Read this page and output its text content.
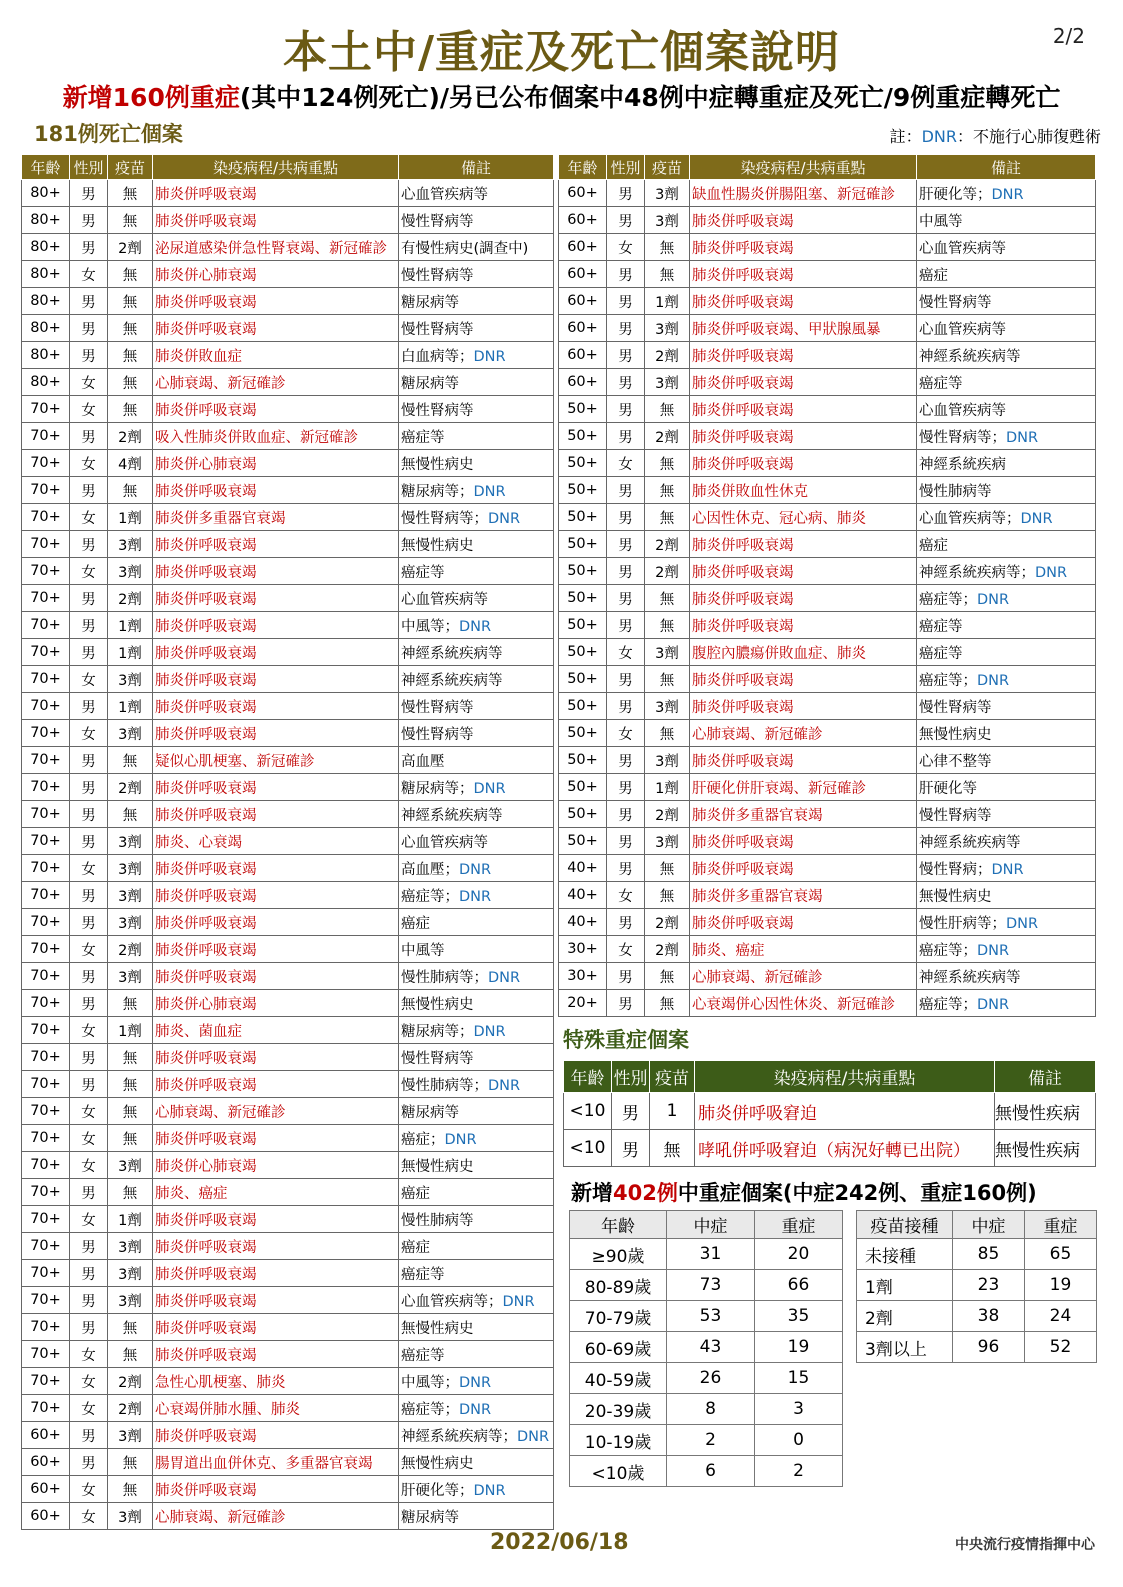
本土中/重症及死亡個案說明	2/2
新增160例重症(其中124例死亡)/另已公布個案中48例中症轉重症及死亡/9例重症轉死亡
181例死亡個案	註：DNR：不施行心肺復甦術
年齡	性別	疫苗	染疫病程/共病重點	備註
80+	男	無	肺炎併呼吸衰竭	心血管疾病等
80+	男	無	肺炎併呼吸衰竭	慢性腎病等
80+	男	2劑	泌尿道感染併急性腎衰竭、新冠確診	有慢性病史(調查中)
80+	女	無	肺炎併心肺衰竭	慢性腎病等
80+	男	無	肺炎併呼吸衰竭	糖尿病等
80+	男	無	肺炎併呼吸衰竭	慢性腎病等
80+	男	無	肺炎併敗血症	白血病等；DNR
80+	女	無	心肺衰竭、新冠確診	糖尿病等
70+	女	無	肺炎併呼吸衰竭	慢性腎病等
70+	男	2劑	吸入性肺炎併敗血症、新冠確診	癌症等
70+	女	4劑	肺炎併心肺衰竭	無慢性病史
70+	男	無	肺炎併呼吸衰竭	糖尿病等；DNR
70+	女	1劑	肺炎併多重器官衰竭	慢性腎病等；DNR
70+	男	3劑	肺炎併呼吸衰竭	無慢性病史
70+	女	3劑	肺炎併呼吸衰竭	癌症等
70+	男	2劑	肺炎併呼吸衰竭	心血管疾病等
70+	男	1劑	肺炎併呼吸衰竭	中風等；DNR
70+	男	1劑	肺炎併呼吸衰竭	神經系統疾病等
70+	女	3劑	肺炎併呼吸衰竭	神經系統疾病等
70+	男	1劑	肺炎併呼吸衰竭	慢性腎病等
70+	女	3劑	肺炎併呼吸衰竭	慢性腎病等
70+	男	無	疑似心肌梗塞、新冠確診	高血壓
70+	男	2劑	肺炎併呼吸衰竭	糖尿病等；DNR
70+	男	無	肺炎併呼吸衰竭	神經系統疾病等
70+	男	3劑	肺炎、心衰竭	心血管疾病等
70+	女	3劑	肺炎併呼吸衰竭	高血壓；DNR
70+	男	3劑	肺炎併呼吸衰竭	癌症等；DNR
70+	男	3劑	肺炎併呼吸衰竭	癌症
70+	女	2劑	肺炎併呼吸衰竭	中風等
70+	男	3劑	肺炎併呼吸衰竭	慢性肺病等；DNR
70+	男	無	肺炎併心肺衰竭	無慢性病史
70+	女	1劑	肺炎、菌血症	糖尿病等；DNR
70+	男	無	肺炎併呼吸衰竭	慢性腎病等
70+	男	無	肺炎併呼吸衰竭	慢性肺病等；DNR
70+	女	無	心肺衰竭、新冠確診	糖尿病等
70+	女	無	肺炎併呼吸衰竭	癌症；DNR
70+	女	3劑	肺炎併心肺衰竭	無慢性病史
70+	男	無	肺炎、癌症	癌症
70+	女	1劑	肺炎併呼吸衰竭	慢性肺病等
70+	男	3劑	肺炎併呼吸衰竭	癌症
70+	男	3劑	肺炎併呼吸衰竭	癌症等
70+	男	3劑	肺炎併呼吸衰竭	心血管疾病等；DNR
70+	男	無	肺炎併呼吸衰竭	無慢性病史
70+	女	無	肺炎併呼吸衰竭	癌症等
70+	女	2劑	急性心肌梗塞、肺炎	中風等；DNR
70+	女	2劑	心衰竭併肺水腫、肺炎	癌症等；DNR
60+	男	3劑	肺炎併呼吸衰竭	神經系統疾病等；DNR
60+	男	無	腸胃道出血併休克、多重器官衰竭	無慢性病史
60+	女	無	肺炎併呼吸衰竭	肝硬化等；DNR
60+	女	3劑	心肺衰竭、新冠確診	糖尿病等
年齡	性別	疫苗	染疫病程/共病重點	備註
60+	男	3劑	缺血性腸炎併腸阻塞、新冠確診	肝硬化等；DNR
60+	男	3劑	肺炎併呼吸衰竭	中風等
60+	女	無	肺炎併呼吸衰竭	心血管疾病等
60+	男	無	肺炎併呼吸衰竭	癌症
60+	男	1劑	肺炎併呼吸衰竭	慢性腎病等
60+	男	3劑	肺炎併呼吸衰竭、甲狀腺風暴	心血管疾病等
60+	男	2劑	肺炎併呼吸衰竭	神經系統疾病等
60+	男	3劑	肺炎併呼吸衰竭	癌症等
50+	男	無	肺炎併呼吸衰竭	心血管疾病等
50+	男	2劑	肺炎併呼吸衰竭	慢性腎病等；DNR
50+	女	無	肺炎併呼吸衰竭	神經系統疾病
50+	男	無	肺炎併敗血性休克	慢性肺病等
50+	男	無	心因性休克、冠心病、肺炎	心血管疾病等；DNR
50+	男	2劑	肺炎併呼吸衰竭	癌症
50+	男	2劑	肺炎併呼吸衰竭	神經系統疾病等；DNR
50+	男	無	肺炎併呼吸衰竭	癌症等；DNR
50+	男	無	肺炎併呼吸衰竭	癌症等
50+	女	3劑	腹腔內膿瘍併敗血症、肺炎	癌症等
50+	男	無	肺炎併呼吸衰竭	癌症等；DNR
50+	男	3劑	肺炎併呼吸衰竭	慢性腎病等
50+	女	無	心肺衰竭、新冠確診	無慢性病史
50+	男	3劑	肺炎併呼吸衰竭	心律不整等
50+	男	1劑	肝硬化併肝衰竭、新冠確診	肝硬化等
50+	男	2劑	肺炎併多重器官衰竭	慢性腎病等
50+	男	3劑	肺炎併呼吸衰竭	神經系統疾病等
40+	男	無	肺炎併呼吸衰竭	慢性腎病；DNR
40+	女	無	肺炎併多重器官衰竭	無慢性病史
40+	男	2劑	肺炎併呼吸衰竭	慢性肝病等；DNR
30+	女	2劑	肺炎、癌症	癌症等；DNR
30+	男	無	心肺衰竭、新冠確診	神經系統疾病等
20+	男	無	心衰竭併心因性休炎、新冠確診	癌症等；DNR
特殊重症個案
年齡	性別	疫苗	染疫病程/共病重點	備註
<10	男	1	肺炎併呼吸窘迫	無慢性疾病
<10	男	無	哮吼併呼吸窘迫（病況好轉已出院）	無慢性疾病
新增402例中重症個案(中症242例、重症160例)
年齡	中症	重症
≥90歲	31	20
80-89歲	73	66
70-79歲	53	35
60-69歲	43	19
40-59歲	26	15
20-39歲	8	3
10-19歲	2	0
<10歲	6	2
疫苗接種	中症	重症
未接種	85	65
1劑	23	19
2劑	38	24
3劑以上	96	52
2022/06/18	中央流行疫情指揮中心
